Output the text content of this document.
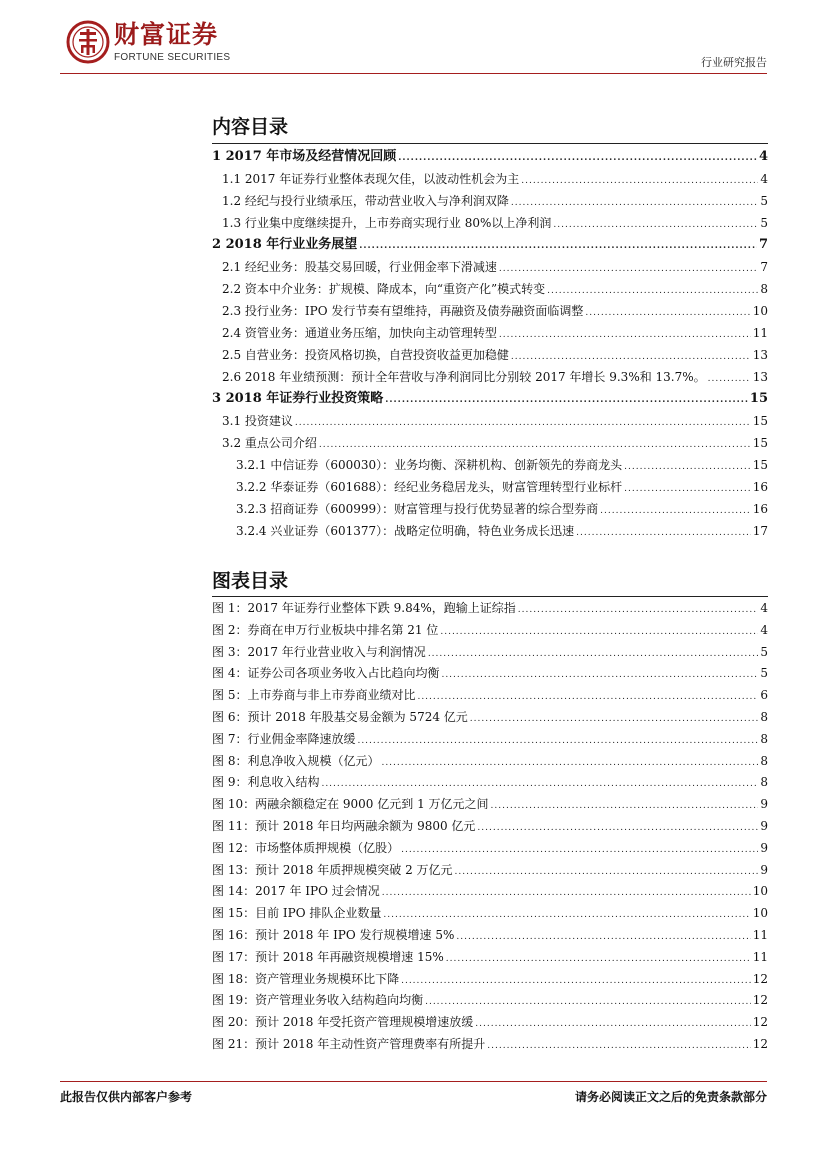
财富证券
FORTUNE SECURITIES	行业研究报告
内容目录
1 2017 年市场及经营情况回顾 .....	4
1.1 2017 年证券行业整体表现欠佳，以波动性机会为主 .....	4
1.2 经纪与投行业绩承压，带动营业收入与净利润双降 .....	5
1.3 行业集中度继续提升，上市券商实现行业 80%以上净利润 .....	5
2 2018 年行业业务展望 .....	7
2.1 经纪业务：股基交易回暖，行业佣金率下滑减速 .....	7
2.2 资本中介业务：扩规模、降成本，向“重资产化”模式转变 .....	8
2.3 投行业务：IPO 发行节奏有望维持，再融资及债券融资面临调整 .....	10
2.4 资管业务：通道业务压缩，加快向主动管理转型 .....	11
2.5 自营业务：投资风格切换，自营投资收益更加稳健 .....	13
2.6 2018 年业绩预测：预计全年营收与净利润同比分别较 2017 年增长 9.3%和 13.7%。 .....	13
3 2018 年证券行业投资策略 .....	15
3.1 投资建议 .....	15
3.2 重点公司介绍 .....	15
3.2.1 中信证券（600030）：业务均衡、深耕机构、创新领先的券商龙头 .....	15
3.2.2 华泰证券（601688）：经纪业务稳居龙头，财富管理转型行业标杆 .....	16
3.2.3 招商证券（600999）：财富管理与投行优势显著的综合型券商 .....	16
3.2.4 兴业证券（601377）：战略定位明确，特色业务成长迅速 .....	17
图表目录
图 1：2017 年证券行业整体下跌 9.84%，跑输上证综指 .....	4
图 2：券商在申万行业板块中排名第 21 位 .....	4
图 3：2017 年行业营业收入与利润情况 .....	5
图 4：证券公司各项业务收入占比趋向均衡 .....	5
图 5：上市券商与非上市券商业绩对比 .....	6
图 6：预计 2018 年股基交易金额为 5724 亿元 .....	8
图 7：行业佣金率降速放缓 .....	8
图 8：利息净收入规模（亿元） .....	8
图 9：利息收入结构 .....	8
图 10：两融余额稳定在 9000 亿元到 1 万亿元之间 .....	9
图 11：预计 2018 年日均两融余额为 9800 亿元 .....	9
图 12：市场整体质押规模（亿股） .....	9
图 13：预计 2018 年质押规模突破 2 万亿元 .....	9
图 14：2017 年 IPO 过会情况 .....	10
图 15：目前 IPO 排队企业数量 .....	10
图 16：预计 2018 年 IPO 发行规模增速 5% .....	11
图 17：预计 2018 年再融资规模增速 15% .....	11
图 18：资产管理业务规模环比下降 .....	12
图 19：资产管理业务收入结构趋向均衡 .....	12
图 20：预计 2018 年受托资产管理规模增速放缓 .....	12
图 21：预计 2018 年主动性资产管理费率有所提升 .....	12
此报告仅供内部客户参考	请务必阅读正文之后的免责条款部分
